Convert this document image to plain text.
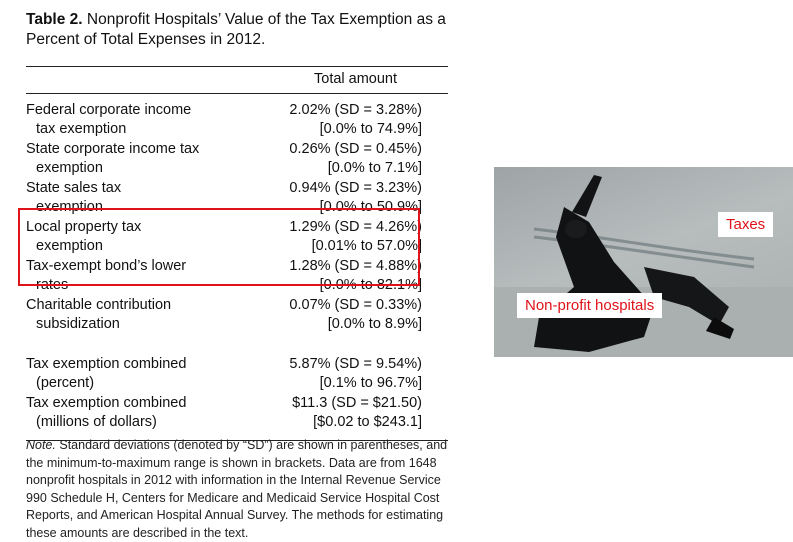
Table 2. Nonprofit Hospitals’ Value of the Tax Exemption as a Percent of Total Expenses in 2012.
Total amount
Federal corporate income
tax exemption
2.02% (SD = 3.28%)
[0.0% to 74.9%]
State corporate income tax
exemption
0.26% (SD = 0.45%)
[0.0% to 7.1%]
State sales tax
exemption
0.94% (SD = 3.23%)
[0.0% to 50.9%]
Local property tax
exemption
1.29% (SD = 4.26%)
[0.01% to 57.0%]
Tax-exempt bond’s lower
rates
1.28% (SD = 4.88%)
[0.0% to 82.1%]
Charitable contribution
subsidization
0.07% (SD = 0.33%)
[0.0% to 8.9%]
Tax exemption combined
(percent)
5.87% (SD = 9.54%)
[0.1% to 96.7%]
Tax exemption combined
(millions of dollars)
$11.3 (SD = $21.50)
[$0.02 to $243.1]
Note. Standard deviations (denoted by “SD”) are shown in parentheses, and the minimum-to-maximum range is shown in brackets. Data are from 1648 nonprofit hospitals in 2012 with information in the Internal Revenue Service 990 Schedule H, Centers for Medicare and Medicaid Service Hospital Cost Reports, and American Hospital Annual Survey. The methods for estimating these amounts are described in the text.
Taxes
Non-profit hospitals
